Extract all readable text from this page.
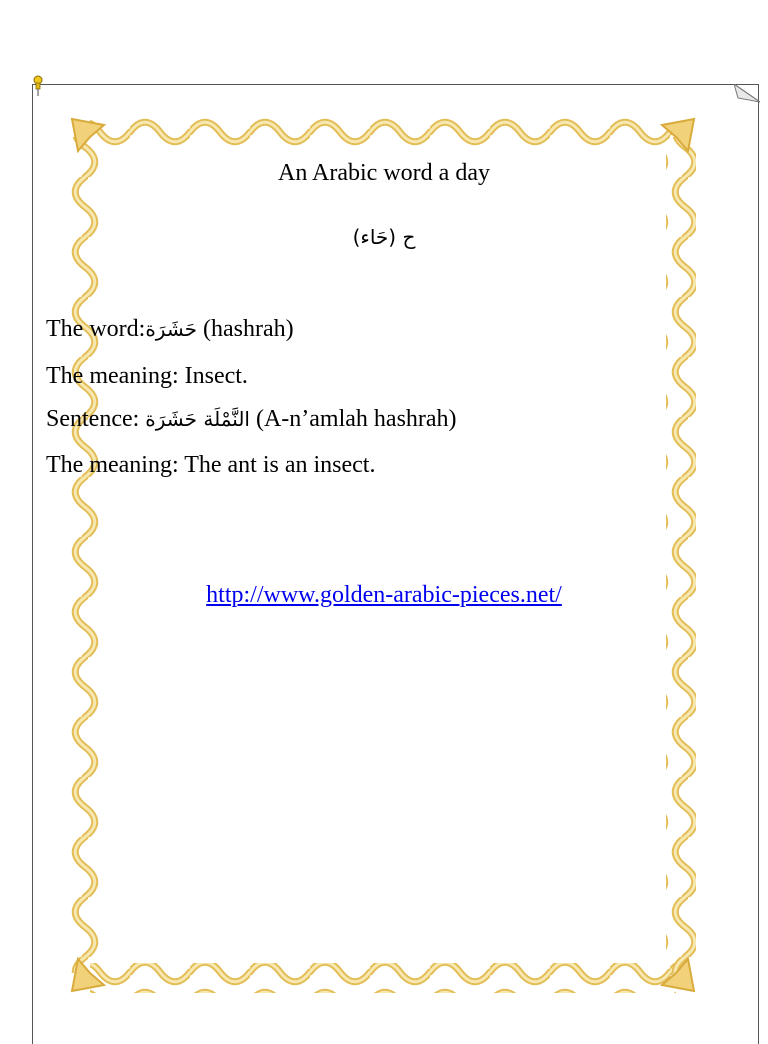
An Arabic word a day
ح (حَاء)
The word:حَشَرَة (hashrah)
The meaning: Insect.
Sentence: النَّمْلَة حَشَرَة (A-n’amlah hashrah)
The meaning: The ant is an insect.
http://www.golden-arabic-pieces.net/
